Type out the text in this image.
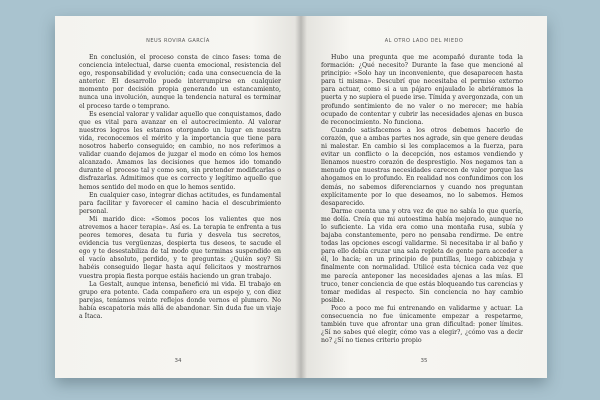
NEUS ROVIRA GARCÍA

En conclusión, el proceso consta de cinco fases: toma de conciencia intelectual, darse cuenta emocional, resistencia del ego, responsabilidad y evolución; cada una consecuencia de la anterior. El desarrollo puede interrumpirse en cualquier momento por decisión propia generando un estancamiento, nunca una involución, aunque la tendencia natural es terminar el proceso tarde o temprano.

Es esencial valorar y validar aquello que conquistamos, dado que es vital para avanzar en el autocrecimiento. Al valorar nuestros logros les estamos otorgando un lugar en nuestra vida, reconocemos el mérito y la importancia que tiene para nosotros haberlo conseguido; en cambio, no nos referimos a validar cuando dejamos de juzgar el modo en cómo los hemos alcanzado. Amamos las decisiones que hemos ido tomando durante el proceso tal y como son, sin pretender modificarlas o disfrazarlas. Admitimos que es correcto y legítimo aquello que hemos sentido del modo en que lo hemos sentido.

En cualquier caso, integrar dichas actitudes, es fundamental para facilitar y favorecer el camino hacia el descubrimiento personal.

Mi marido dice: «Somos pocos los valientes que nos atrevemos a hacer terapia». Así es. La terapia te enfrenta a tus peores temores, desata tu furia y desvela tus secretos, evidencia tus vergüenzas, despierta tus deseos, te sacude el ego y te desestabiliza de tal modo que terminas suspendido en el vacío absoluto, perdido, y te preguntas: ¿Quién soy? Si habéis conseguido llegar hasta aquí felicitaos y mostrarnos vuestra propia fiesta porque estáis haciendo un gran trabajo.

La Gestalt, aunque intensa, benefició mi vida. El trabajo en grupo era potente. Cada compañero era un espejo y, con diez parejas, teníamos veinte reflejos donde vernos el plumero. No había escapatoria más allá de abandonar. Sin duda fue un viaje a Ítaca.

34
AL OTRO LADO DEL MIEDO

Hubo una pregunta que me acompañó durante toda la formación: ¿Qué necesito? Durante la fase que mencioné al principio: «Solo hay un inconveniente, que desaparecen hasta para ti misma». Descubrí que necesitaba el permiso externo para actuar, como si a un pájaro enjaulado le abriéramos la puerta y no supiera el puede irse. Tímida y avergonzada, con un profundo sentimiento de no valer o no merecer; me había ocupado de contentar y cubrir las necesidades ajenas en busca de reconocimiento. No funciona.

Cuando satisfacemos a los otros debemos hacerlo de corazón, que a ambas partes nos agrade, sin que genere deudas ni malestar. En cambio si les complacemos a la fuerza, para evitar un conflicto o la decepción, nos estamos vendiendo y llenamos nuestro corazón de desprestigio. Nos negamos tan a menudo que nuestras necesidades carecen de valor porque las ahogamos en lo profundo. En realidad nos confundimos con los demás, no sabemos diferenciarnos y cuando nos preguntan explícitamente por lo que deseamos, no lo sabemos. Hemos desaparecido.

Darme cuenta una y otra vez de que no sabía lo que quería, me dolía. Creía que mi autoestima había mejorado, aunque no lo suficiente. La vida era como una montaña rusa, subía y bajaba constantemente, pero no pensaba rendirme. De entre todas las opciones escogí validarme. Si necesitaba ir al baño y para ello debía cruzar una sala repleta de gente para acceder a él, lo hacía; en un principio de puntillas, luego cabizbaja y finalmente con normalidad. Utilicé esta técnica cada vez que me parecía anteponer las necesidades ajenas a las mías. El truco, tener conciencia de que estás bloqueando tus carencias y tomar medidas al respecto. Sin conciencia no hay cambio posible.

Poco a poco me fui entrenando en validarme y actuar. La consecuencia no fue únicamente empezar a respetarme, también tuve que afrontar una gran dificultad: poner límites. ¿Sí no sabes qué elegir, cómo vas a elegir?, ¿cómo vas a decir no? ¿Sí no tienes criterio propio

35
